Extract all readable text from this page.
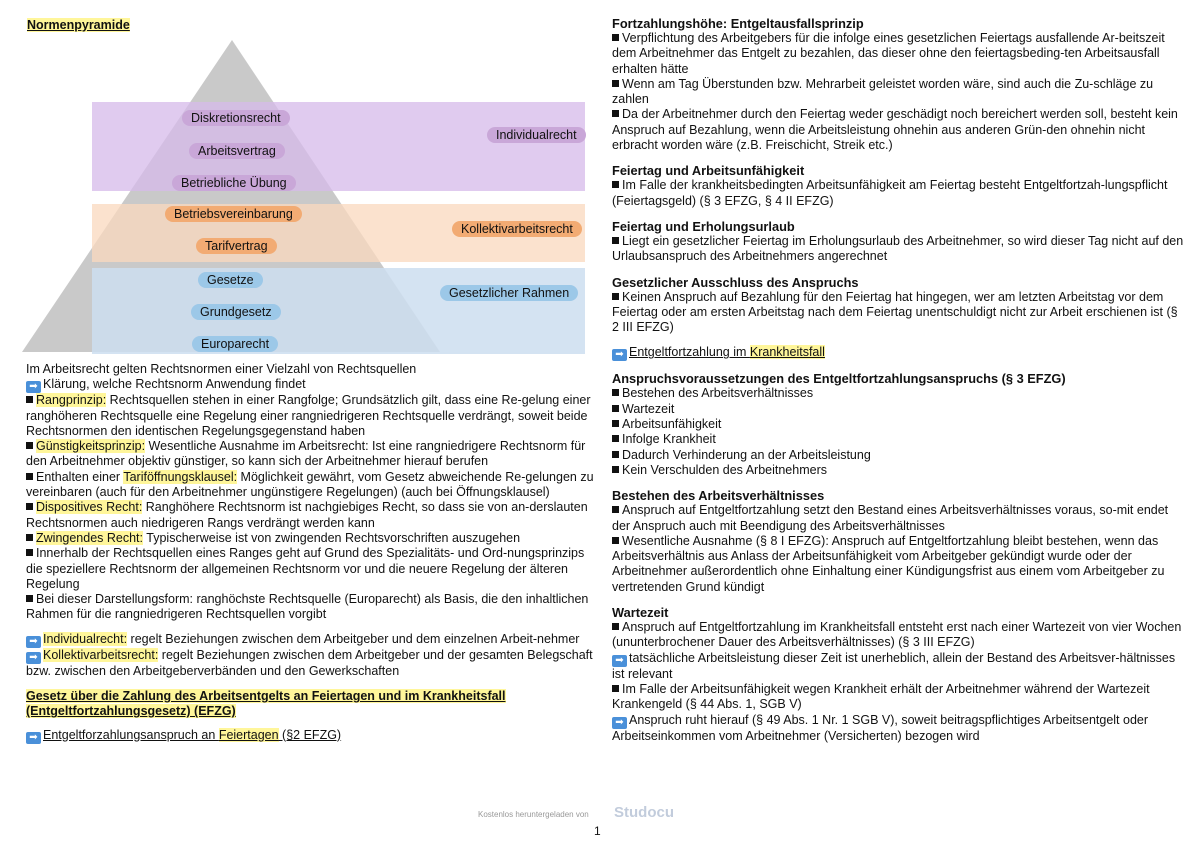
Normenpyramide
Diskretionsrecht
Arbeitsvertrag
Betriebliche Übung
Individualrecht
Betriebsvereinbarung
Tarifvertrag
Kollektivarbeitsrecht
Gesetze
Grundgesetz
Europarecht
Gesetzlicher Rahmen

Im Arbeitsrecht gelten Rechtsnormen einer Vielzahl von Rechtsquellen

➡ Klärung, welche Rechtsnorm Anwendung findet

Rangprinzip: Rechtsquellen stehen in einer Rangfolge; Grundsätzlich gilt, dass eine Re-gelung einer ranghöheren Rechtsquelle eine Regelung einer rangniedrigeren Rechtsquelle verdrängt, soweit beide Rechtsnormen den identischen Regelungsgegenstand haben

Günstigkeitsprinzip: Wesentliche Ausnahme im Arbeitsrecht: Ist eine rangniedrigere Rechtsnorm für den Arbeitnehmer objektiv günstiger, so kann sich der Arbeitnehmer hierauf berufen

Enthalten einer Tariföffnungsklausel: Möglichkeit gewährt, vom Gesetz abweichende Re-gelungen zu vereinbaren (auch für den Arbeitnehmer ungünstigere Regelungen) (auch bei Öffnungsklausel)

Dispositives Recht: Ranghöhere Rechtsnorm ist nachgiebiges Recht, so dass sie von an-derslauten Rechtsnormen auch niedrigeren Rangs verdrängt werden kann

Zwingendes Recht: Typischerweise ist von zwingenden Rechtsvorschriften auszugehen

Innerhalb der Rechtsquellen eines Ranges geht auf Grund des Spezialitäts- und Ord-nungsprinzips die speziellere Rechtsnorm der allgemeinen Rechtsnorm vor und die neuere Regelung der älteren Regelung

Bei dieser Darstellungsform: ranghöchste Rechtsquelle (Europarecht) als Basis, die den inhaltlichen Rahmen für die rangniedrigeren Rechtsquellen vorgibt

➡ Individualrecht: regelt Beziehungen zwischen dem Arbeitgeber und dem einzelnen Arbeit-nehmer

➡ Kollektivarbeitsrecht: regelt Beziehungen zwischen dem Arbeitgeber und der gesamten Belegschaft bzw. zwischen den Arbeitgeberverbänden und den Gewerkschaften

Gesetz über die Zahlung des Arbeitsentgelts an Feiertagen und im Krankheitsfall (Entgeltfortzahlungsgesetz) (EFZG)

➡ Entgeltforzahlungsanspruch an Feiertagen (§2 EFZG)

Fortzahlungshöhe: Entgeltausfallsprinzip

Verpflichtung des Arbeitgebers für die infolge eines gesetzlichen Feiertags ausfallende Ar-beitszeit dem Arbeitnehmer das Entgelt zu bezahlen, das dieser ohne den feiertagsbeding-ten Arbeitsausfall erhalten hätte

Wenn am Tag Überstunden bzw. Mehrarbeit geleistet worden wäre, sind auch die Zu-schläge zu zahlen

Da der Arbeitnehmer durch den Feiertag weder geschädigt noch bereichert werden soll, besteht kein Anspruch auf Bezahlung, wenn die Arbeitsleistung ohnehin aus anderen Grün-den ohnehin nicht erbracht worden wäre (z.B. Freischicht, Streik etc.)

Feiertag und Arbeitsunfähigkeit

Im Falle der krankheitsbedingten Arbeitsunfähigkeit am Feiertag besteht Entgeltfortzah-lungspflicht (Feiertagsgeld) (§ 3 EFZG, § 4 II EFZG)

Feiertag und Erholungsurlaub

Liegt ein gesetzlicher Feiertag im Erholungsurlaub des Arbeitnehmer, so wird dieser Tag nicht auf den Urlaubsanspruch des Arbeitnehmers angerechnet

Gesetzlicher Ausschluss des Anspruchs

Keinen Anspruch auf Bezahlung für den Feiertag hat hingegen, wer am letzten Arbeitstag vor dem Feiertag oder am ersten Arbeitstag nach dem Feiertag unentschuldigt nicht zur Arbeit erschienen ist (§ 2 III EFZG)

➡ Entgeltfortzahlung im Krankheitsfall

Anspruchsvoraussetzungen des Entgeltfortzahlungsanspruchs (§ 3 EFZG)

Bestehen des Arbeitsverhältnisses

Wartezeit

Arbeitsunfähigkeit

Infolge Krankheit

Dadurch Verhinderung an der Arbeitsleistung

Kein Verschulden des Arbeitnehmers

Bestehen des Arbeitsverhältnisses

Anspruch auf Entgeltfortzahlung setzt den Bestand eines Arbeitsverhältnisses voraus, so-mit endet der Anspruch auch mit Beendigung des Arbeitsverhältnisses

Wesentliche Ausnahme (§ 8 I EFZG): Anspruch auf Entgeltfortzahlung bleibt bestehen, wenn das Arbeitsverhältnis aus Anlass der Arbeitsunfähigkeit vom Arbeitgeber gekündigt wurde oder der Arbeitnehmer außerordentlich ohne Einhaltung einer Kündigungsfrist aus einem vom Arbeitgeber zu vertretenden Grund kündigt

Wartezeit

Anspruch auf Entgeltfortzahlung im Krankheitsfall entsteht erst nach einer Wartezeit von vier Wochen (ununterbrochener Dauer des Arbeitsverhältnisses) (§ 3 III EFZG)

➡ tatsächliche Arbeitsleistung dieser Zeit ist unerheblich, allein der Bestand des Arbeitsver-hältnisses ist relevant

Im Falle der Arbeitsunfähigkeit wegen Krankheit erhält der Arbeitnehmer während der Wartezeit Krankengeld (§ 44 Abs. 1, SGB V)

➡ Anspruch ruht hierauf (§ 49 Abs. 1 Nr. 1 SGB V), soweit beitragspflichtiges Arbeitsentgelt oder Arbeitseinkommen vom Arbeitnehmer (Versicherten) bezogen wird

Kostenlos heruntergeladen von Studocu
1
